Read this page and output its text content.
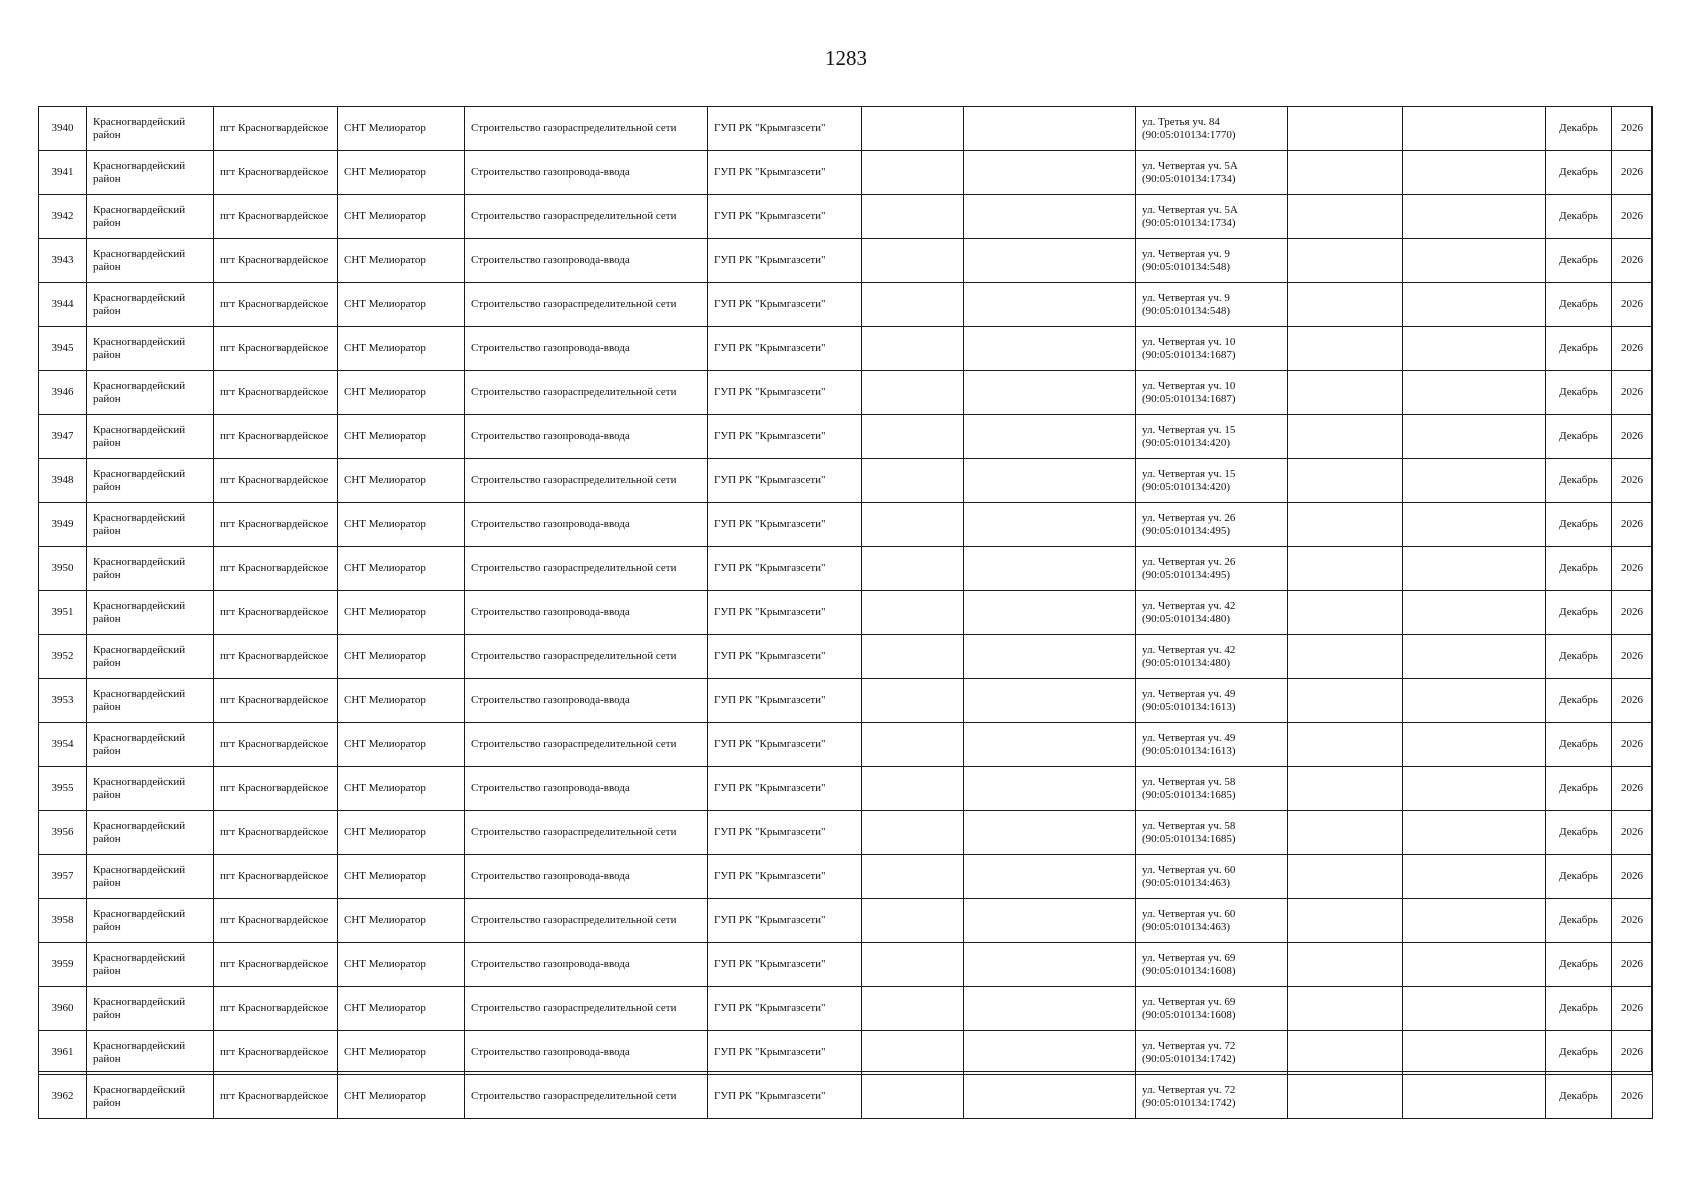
1283
3940	Красногвардейский район	пгт Красногвардейское	СНТ Мелиоратор	Строительство газораспределительной сети	ГУП РК "Крымгазсети"			ул. Третья уч. 84
(90:05:010134:1770)			Декабрь	2026
3941	Красногвардейский район	пгт Красногвардейское	СНТ Мелиоратор	Строительство газопровода-ввода	ГУП РК "Крымгазсети"			ул. Четвертая уч. 5А
(90:05:010134:1734)			Декабрь	2026
3942	Красногвардейский район	пгт Красногвардейское	СНТ Мелиоратор	Строительство газораспределительной сети	ГУП РК "Крымгазсети"			ул. Четвертая уч. 5А
(90:05:010134:1734)			Декабрь	2026
3943	Красногвардейский район	пгт Красногвардейское	СНТ Мелиоратор	Строительство газопровода-ввода	ГУП РК "Крымгазсети"			ул. Четвертая уч. 9
(90:05:010134:548)			Декабрь	2026
3944	Красногвардейский район	пгт Красногвардейское	СНТ Мелиоратор	Строительство газораспределительной сети	ГУП РК "Крымгазсети"			ул. Четвертая уч. 9
(90:05:010134:548)			Декабрь	2026
3945	Красногвардейский район	пгт Красногвардейское	СНТ Мелиоратор	Строительство газопровода-ввода	ГУП РК "Крымгазсети"			ул. Четвертая уч. 10
(90:05:010134:1687)			Декабрь	2026
3946	Красногвардейский район	пгт Красногвардейское	СНТ Мелиоратор	Строительство газораспределительной сети	ГУП РК "Крымгазсети"			ул. Четвертая уч. 10
(90:05:010134:1687)			Декабрь	2026
3947	Красногвардейский район	пгт Красногвардейское	СНТ Мелиоратор	Строительство газопровода-ввода	ГУП РК "Крымгазсети"			ул. Четвертая уч. 15
(90:05:010134:420)			Декабрь	2026
3948	Красногвардейский район	пгт Красногвардейское	СНТ Мелиоратор	Строительство газораспределительной сети	ГУП РК "Крымгазсети"			ул. Четвертая уч. 15
(90:05:010134:420)			Декабрь	2026
3949	Красногвардейский район	пгт Красногвардейское	СНТ Мелиоратор	Строительство газопровода-ввода	ГУП РК "Крымгазсети"			ул. Четвертая уч. 26
(90:05:010134:495)			Декабрь	2026
3950	Красногвардейский район	пгт Красногвардейское	СНТ Мелиоратор	Строительство газораспределительной сети	ГУП РК "Крымгазсети"			ул. Четвертая уч. 26
(90:05:010134:495)			Декабрь	2026
3951	Красногвардейский район	пгт Красногвардейское	СНТ Мелиоратор	Строительство газопровода-ввода	ГУП РК "Крымгазсети"			ул. Четвертая уч. 42
(90:05:010134:480)			Декабрь	2026
3952	Красногвардейский район	пгт Красногвардейское	СНТ Мелиоратор	Строительство газораспределительной сети	ГУП РК "Крымгазсети"			ул. Четвертая уч. 42
(90:05:010134:480)			Декабрь	2026
3953	Красногвардейский район	пгт Красногвардейское	СНТ Мелиоратор	Строительство газопровода-ввода	ГУП РК "Крымгазсети"			ул. Четвертая уч. 49
(90:05:010134:1613)			Декабрь	2026
3954	Красногвардейский район	пгт Красногвардейское	СНТ Мелиоратор	Строительство газораспределительной сети	ГУП РК "Крымгазсети"			ул. Четвертая уч. 49
(90:05:010134:1613)			Декабрь	2026
3955	Красногвардейский район	пгт Красногвардейское	СНТ Мелиоратор	Строительство газопровода-ввода	ГУП РК "Крымгазсети"			ул. Четвертая уч. 58
(90:05:010134:1685)			Декабрь	2026
3956	Красногвардейский район	пгт Красногвардейское	СНТ Мелиоратор	Строительство газораспределительной сети	ГУП РК "Крымгазсети"			ул. Четвертая уч. 58
(90:05:010134:1685)			Декабрь	2026
3957	Красногвардейский район	пгт Красногвардейское	СНТ Мелиоратор	Строительство газопровода-ввода	ГУП РК "Крымгазсети"			ул. Четвертая уч. 60
(90:05:010134:463)			Декабрь	2026
3958	Красногвардейский район	пгт Красногвардейское	СНТ Мелиоратор	Строительство газораспределительной сети	ГУП РК "Крымгазсети"			ул. Четвертая уч. 60
(90:05:010134:463)			Декабрь	2026
3959	Красногвардейский район	пгт Красногвардейское	СНТ Мелиоратор	Строительство газопровода-ввода	ГУП РК "Крымгазсети"			ул. Четвертая уч. 69
(90:05:010134:1608)			Декабрь	2026
3960	Красногвардейский район	пгт Красногвардейское	СНТ Мелиоратор	Строительство газораспределительной сети	ГУП РК "Крымгазсети"			ул. Четвертая уч. 69
(90:05:010134:1608)			Декабрь	2026
3961	Красногвардейский район	пгт Красногвардейское	СНТ Мелиоратор	Строительство газопровода-ввода	ГУП РК "Крымгазсети"			ул. Четвертая уч. 72
(90:05:010134:1742)			Декабрь	2026
3962	Красногвардейский район	пгт Красногвардейское	СНТ Мелиоратор	Строительство газораспределительной сети	ГУП РК "Крымгазсети"			ул. Четвертая уч. 72
(90:05:010134:1742)			Декабрь	2026
